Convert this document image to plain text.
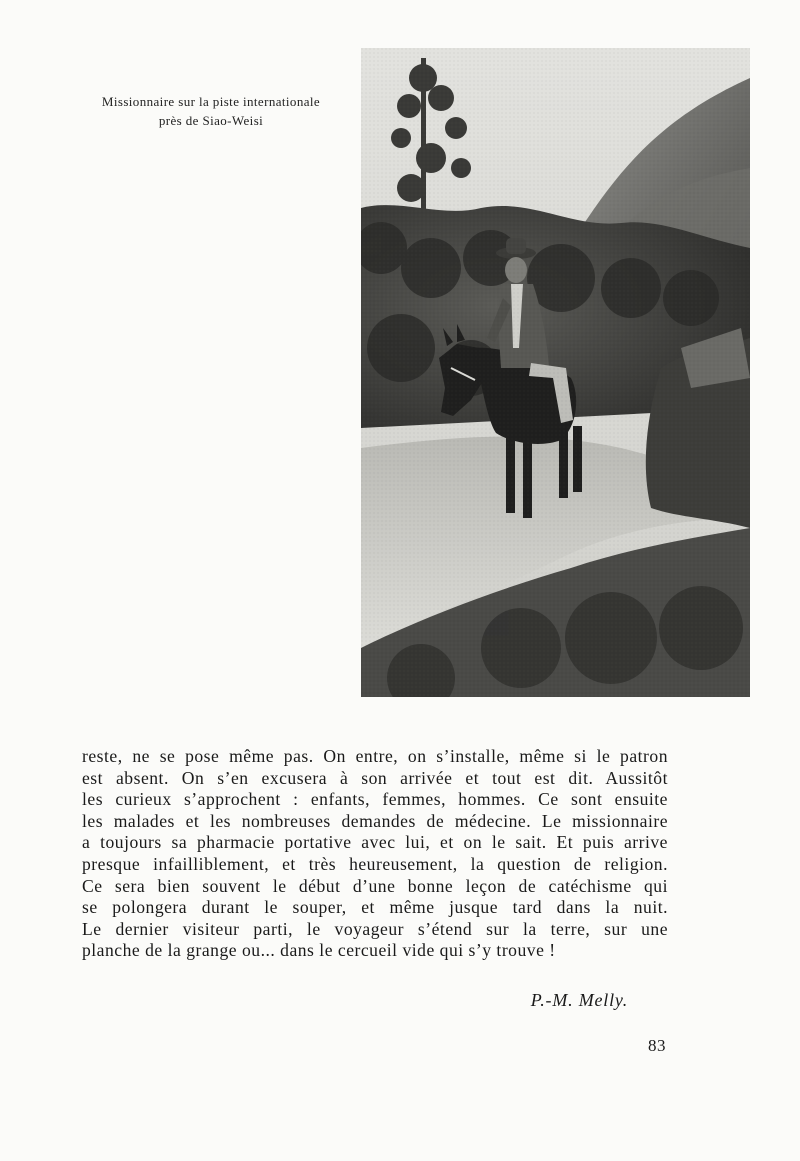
Missionnaire sur la piste internationale
près de Siao-Weisi
reste, ne se pose même pas. On entre, on s’installe, même si le patron
est absent. On s’en excusera à son arrivée et tout est dit. Aussitôt
les curieux s’approchent : enfants, femmes, hommes. Ce sont ensuite
les malades et les nombreuses demandes de médecine. Le missionnaire
a toujours sa pharmacie portative avec lui, et on le sait. Et puis arrive
presque infailliblement, et très heureusement, la question de religion.
Ce sera bien souvent le début d’une bonne leçon de catéchisme qui
se polongera durant le souper, et même jusque tard dans la nuit.
Le dernier visiteur parti, le voyageur s’étend sur la terre, sur une
planche de la grange ou... dans le cercueil vide qui s’y trouve !
P.-M. Melly.
83
